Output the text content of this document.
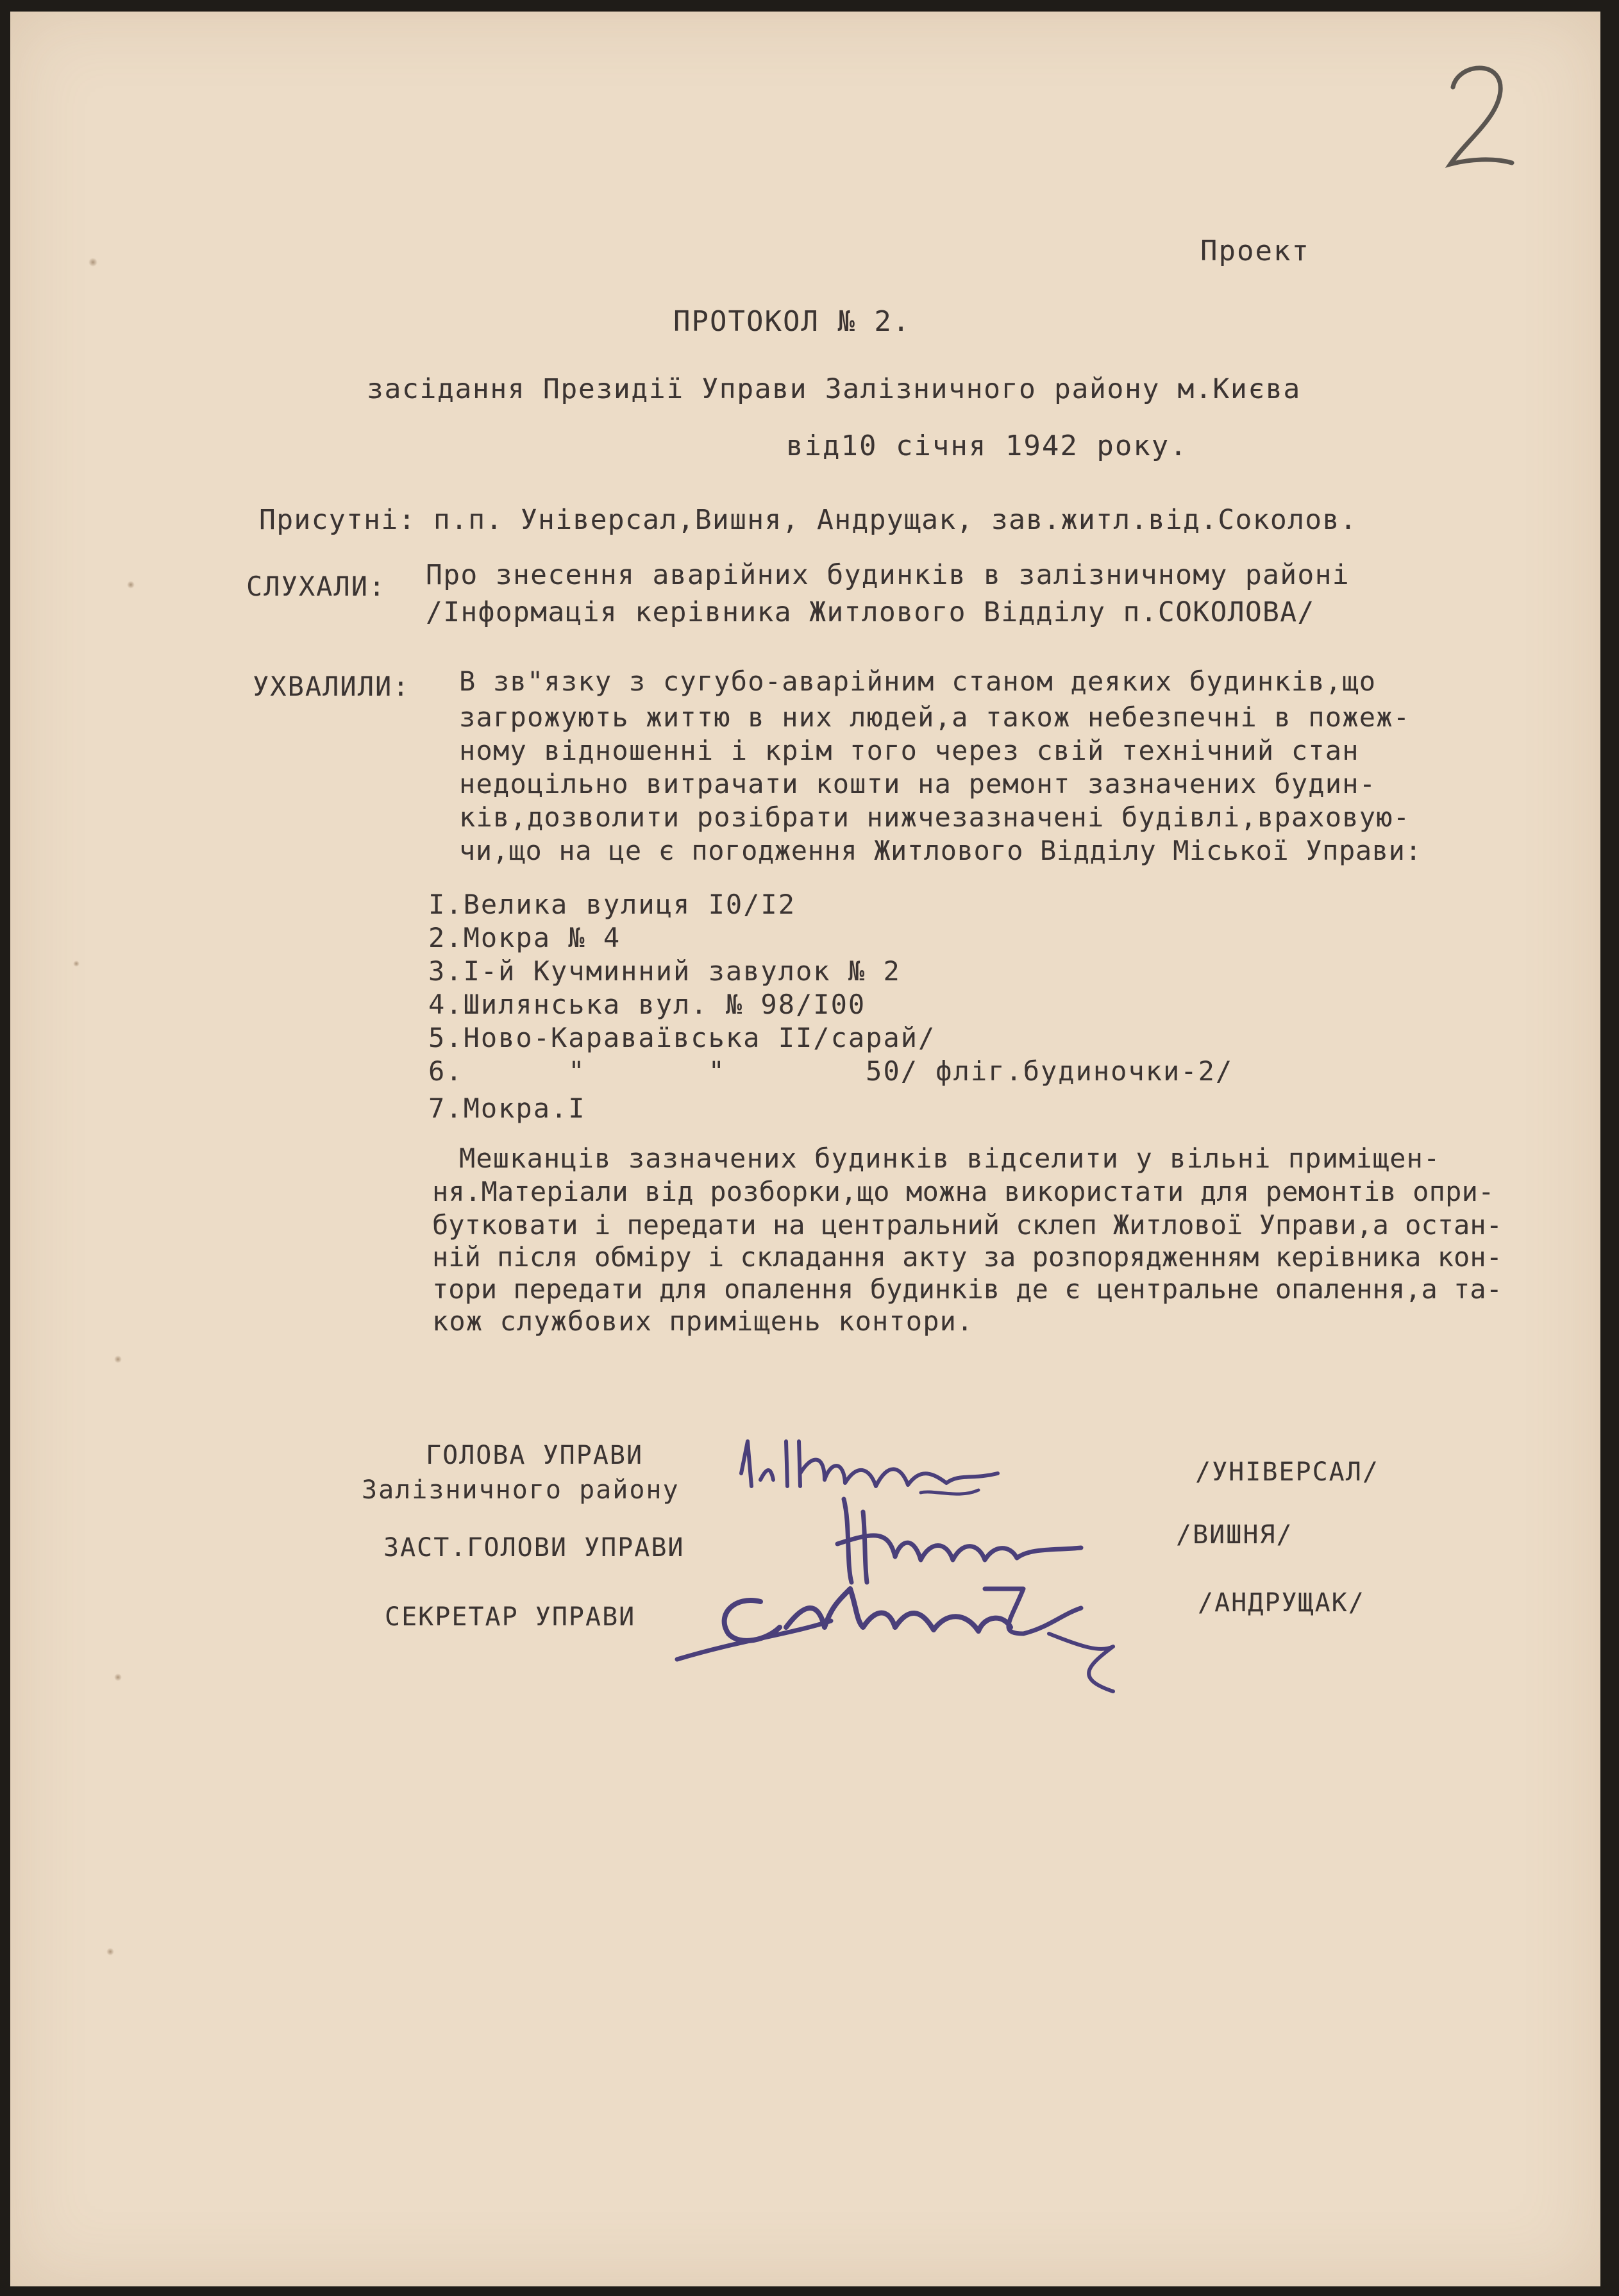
2
Проект
ПРОТОКОЛ № 2.
засідання Президії Управи Залізничного району м.Києва
від10 січня 1942 року.
Присутні: п.п. Універсал,Вишня, Андрущак, зав.житл.від.Соколов.
СЛУХАЛИ: Про знесення аварійних будинків в залізничному районі
/Інформація керівника Житлового Відділу п.СОКОЛОВА/
УХВАЛИЛИ: В зв"язку з сугубо-аварійним станом деяких будинків,що
загрожують життю в них людей,а також небезпечні в пожеж-
ному відношенні і крім того через свій технічний стан
недоцільно витрачати кошти на ремонт зазначених будин-
ків,дозволити розібрати нижчезазначені будівлі,враховую-
чи,що на це є погодження Житлового Відділу Міської Управи:
І.Велика вулиця І0/І2
2.Мокра № 4
3.І-й Кучминний завулок № 2
4.Шилянська вул. № 98/І00
5.Ново-Караваївська ІІ/сарай/
6.      "       "        50/ фліг.будиночки-2/
7.Мокра.І
Мешканців зазначених будинків відселити у вільні приміщен-
ня.Матеріали від розборки,що можна використати для ремонтів опри-
бутковати і передати на центральний склеп Житлової Управи,а остан-
ній після обміру і складання акту за розпорядженням керівника кон-
тори передати для опалення будинків де є центральне опалення,а та-
кож службових приміщень контори.
ГОЛОВА УПРАВИ
Залізничного району
/УНІВЕРСАЛ/
ЗАСТ.ГОЛОВИ УПРАВИ	/ВИШНЯ/
СЕКРЕТАР УПРАВИ	/АНДРУЩАК/
